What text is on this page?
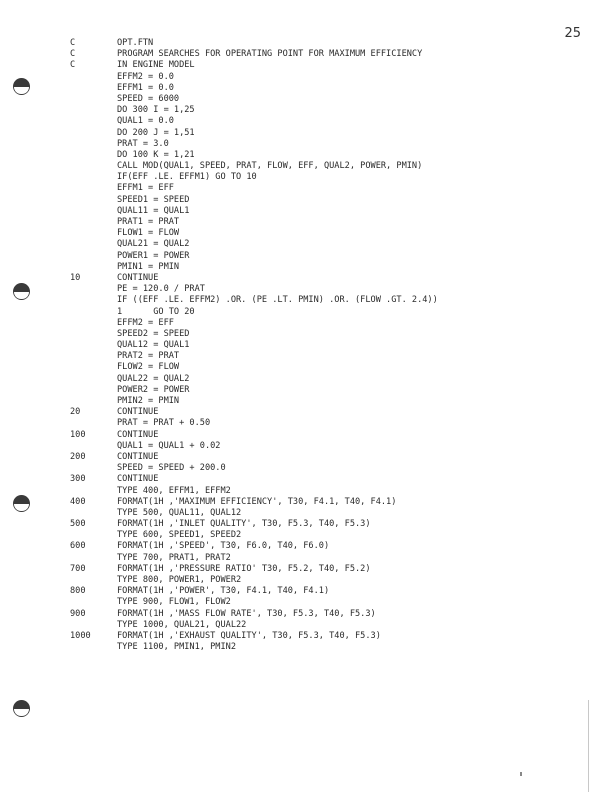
25
C	OPT.FTN
C	PROGRAM SEARCHES FOR OPERATING POINT FOR MAXIMUM EFFICIENCY
C	IN ENGINE MODEL
EFFM2 = 0.0
EFFM1 = 0.0
SPEED = 6000
DO 300 I = 1,25
QUAL1 = 0.0
DO 200 J = 1,51
PRAT = 3.0
DO 100 K = 1,21
CALL MOD(QUAL1, SPEED, PRAT, FLOW, EFF, QUAL2, POWER, PMIN)
IF(EFF .LE. EFFM1) GO TO 10
EFFM1 = EFF
SPEED1 = SPEED
QUAL11 = QUAL1
PRAT1 = PRAT
FLOW1 = FLOW
QUAL21 = QUAL2
POWER1 = POWER
PMIN1 = PMIN
10	CONTINUE
PE = 120.0 / PRAT
IF ((EFF .LE. EFFM2) .OR. (PE .LT. PMIN) .OR. (FLOW .GT. 2.4))
1      GO TO 20
EFFM2 = EFF
SPEED2 = SPEED
QUAL12 = QUAL1
PRAT2 = PRAT
FLOW2 = FLOW
QUAL22 = QUAL2
POWER2 = POWER
PMIN2 = PMIN
20	CONTINUE
PRAT = PRAT + 0.50
100	CONTINUE
QUAL1 = QUAL1 + 0.02
200	CONTINUE
SPEED = SPEED + 200.0
300	CONTINUE
TYPE 400, EFFM1, EFFM2
400	FORMAT(1H ,'MAXIMUM EFFICIENCY', T30, F4.1, T40, F4.1)
TYPE 500, QUAL11, QUAL12
500	FORMAT(1H ,'INLET QUALITY', T30, F5.3, T40, F5.3)
TYPE 600, SPEED1, SPEED2
600	FORMAT(1H ,'SPEED', T30, F6.0, T40, F6.0)
TYPE 700, PRAT1, PRAT2
700	FORMAT(1H ,'PRESSURE RATIO' T30, F5.2, T40, F5.2)
TYPE 800, POWER1, POWER2
800	FORMAT(1H ,'POWER', T30, F4.1, T40, F4.1)
TYPE 900, FLOW1, FLOW2
900	FORMAT(1H ,'MASS FLOW RATE', T30, F5.3, T40, F5.3)
TYPE 1000, QUAL21, QUAL22
1000	FORMAT(1H ,'EXHAUST QUALITY', T30, F5.3, T40, F5.3)
TYPE 1100, PMIN1, PMIN2
